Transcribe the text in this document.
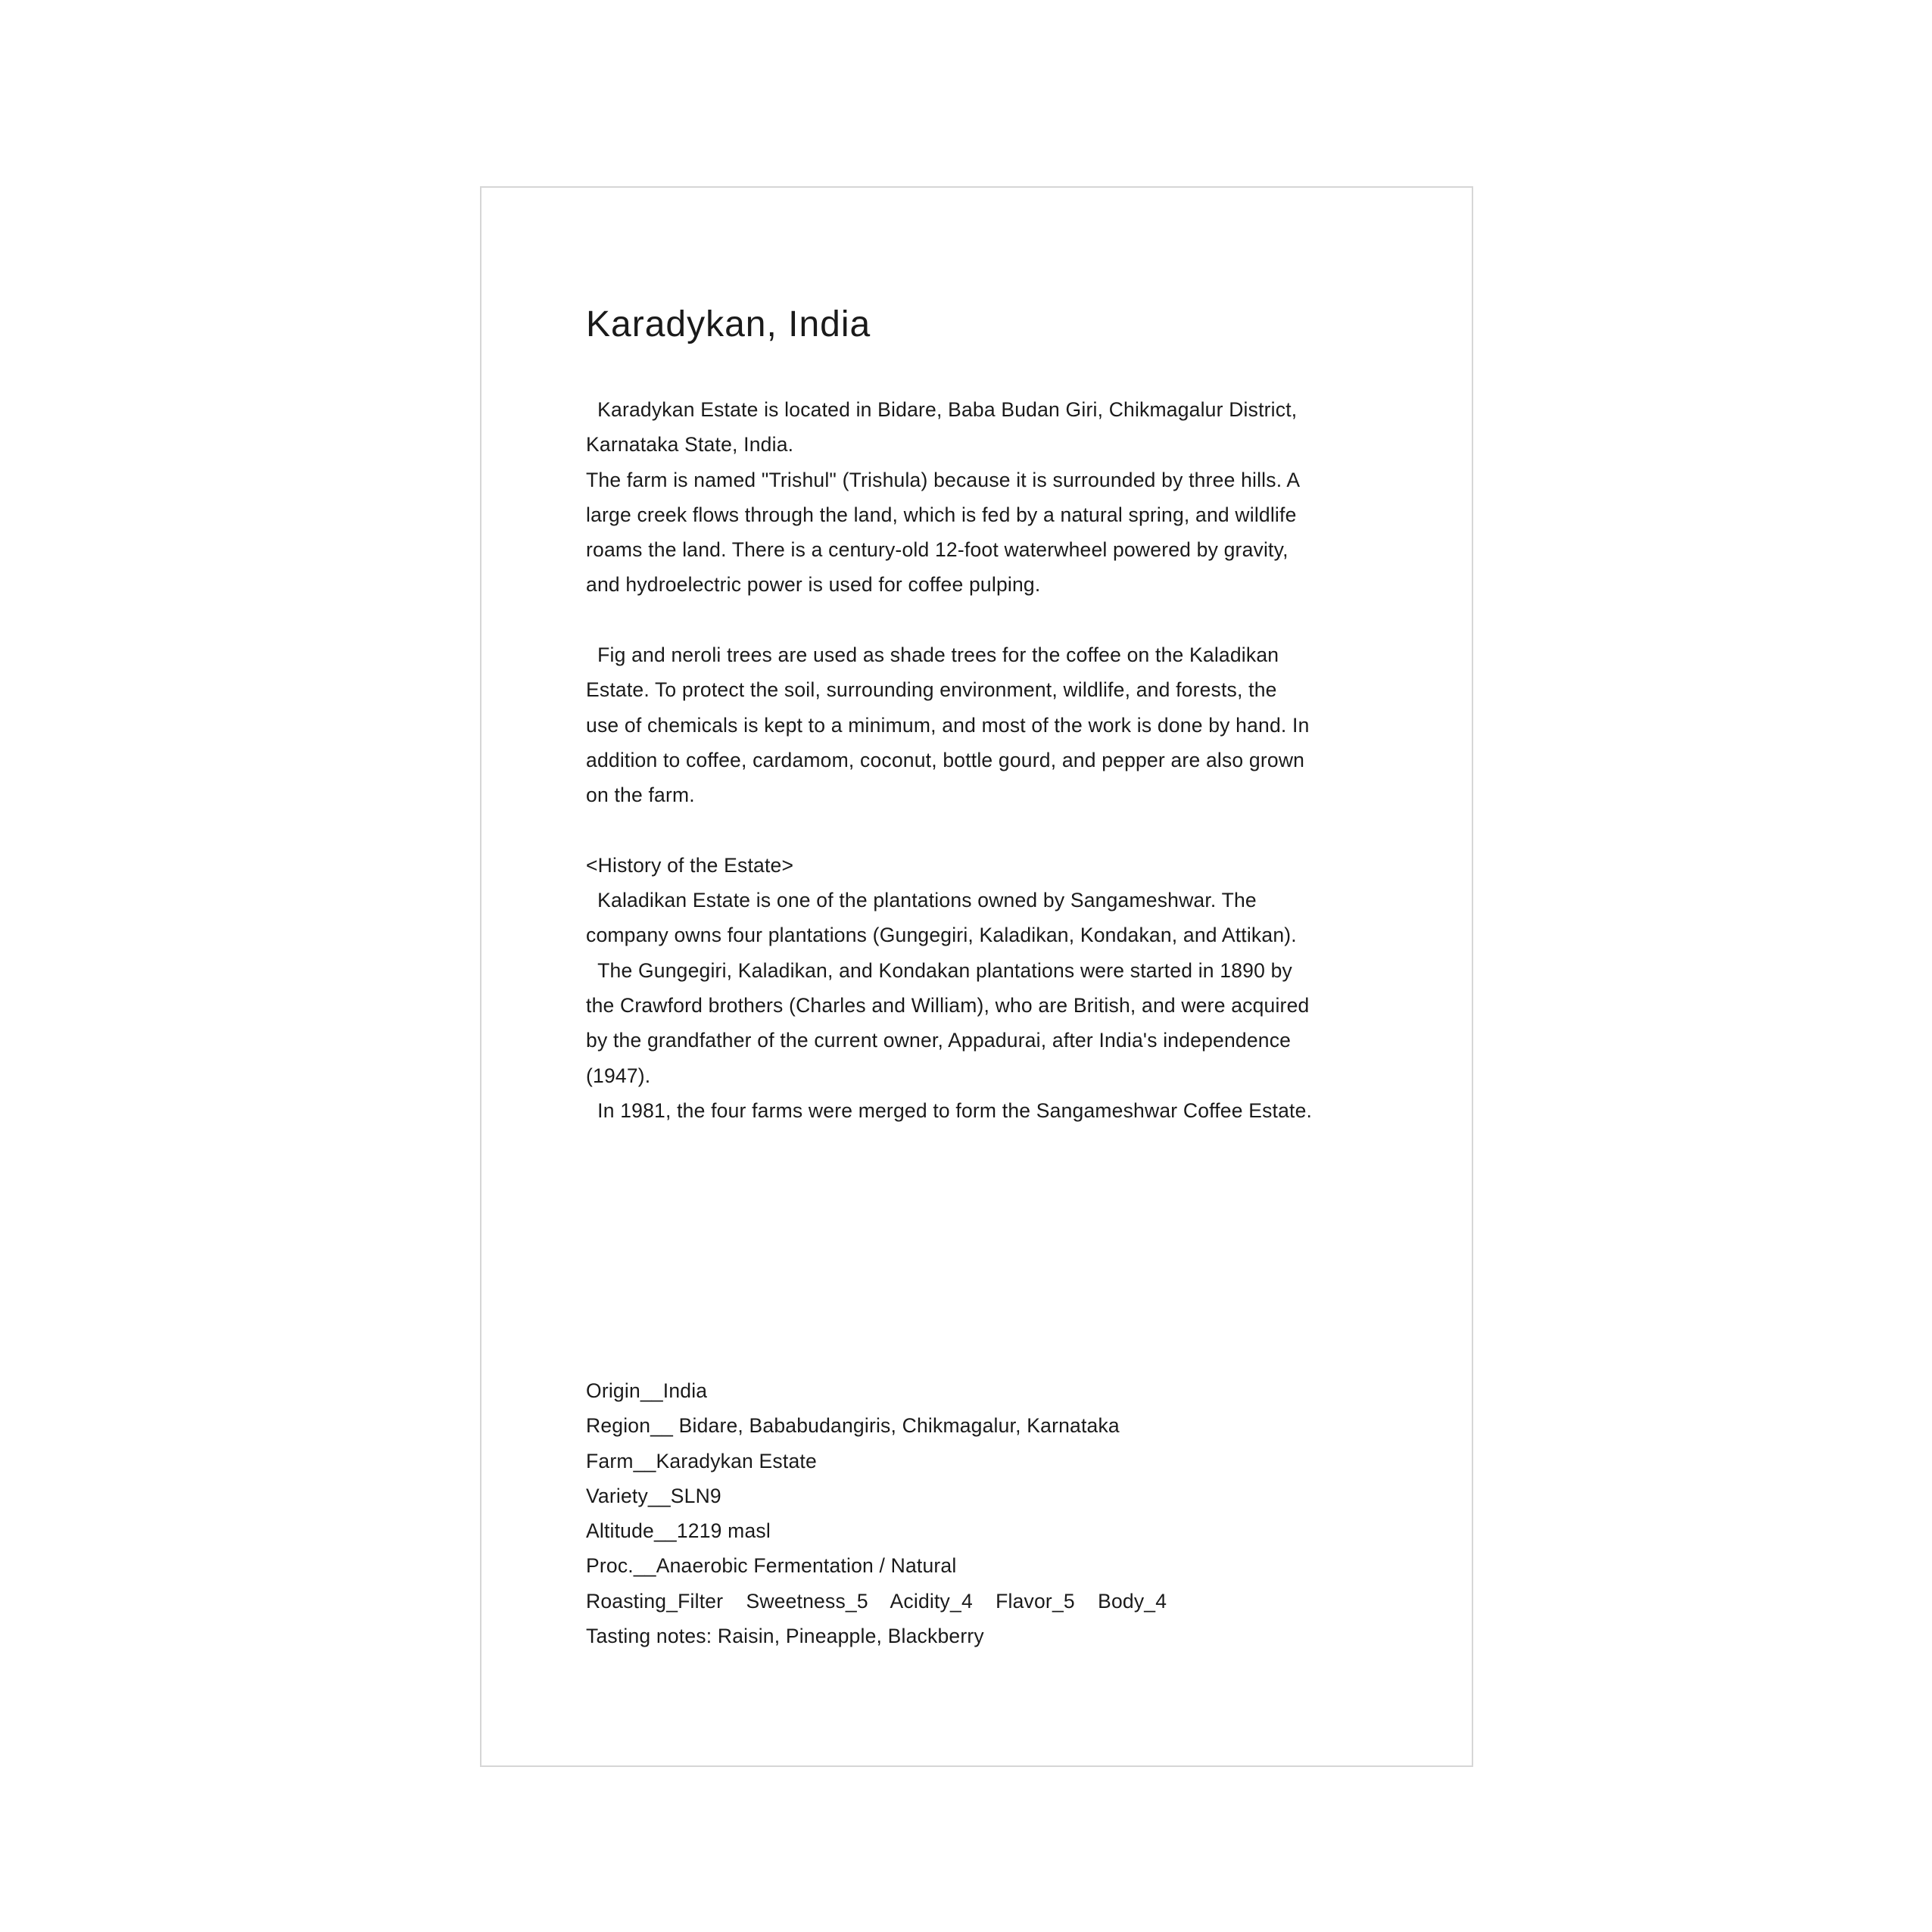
Karadykan, India

Karadykan Estate is located in Bidare, Baba Budan Giri, Chikmagalur District,

Karnataka State, India.

The farm is named "Trishul" (Trishula) because it is surrounded by three hills. A

large creek flows through the land, which is fed by a natural spring, and wildlife

roams the land. There is a century-old 12-foot waterwheel powered by gravity,

and hydroelectric power is used for coffee pulping.

Fig and neroli trees are used as shade trees for the coffee on the Kaladikan

Estate. To protect the soil, surrounding environment, wildlife, and forests, the

use of chemicals is kept to a minimum, and most of the work is done by hand. In

addition to coffee, cardamom, coconut, bottle gourd, and pepper are also grown

on the farm.

<History of the Estate>

Kaladikan Estate is one of the plantations owned by Sangameshwar. The

company owns four plantations (Gungegiri, Kaladikan, Kondakan, and Attikan).

The Gungegiri, Kaladikan, and Kondakan plantations were started in 1890 by

the Crawford brothers (Charles and William), who are British, and were acquired

by the grandfather of the current owner, Appadurai, after India's independence

(1947).

In 1981, the four farms were merged to form the Sangameshwar Coffee Estate.

Origin__India
Region__ Bidare, Bababudangiris, Chikmagalur, Karnataka
Farm__Karadykan Estate
Variety__SLN9
Altitude__1219 masl
Proc.__Anaerobic Fermentation / Natural
Roasting_Filter    Sweetness_5    Acidity_4    Flavor_5    Body_4
Tasting notes: Raisin, Pineapple, Blackberry
